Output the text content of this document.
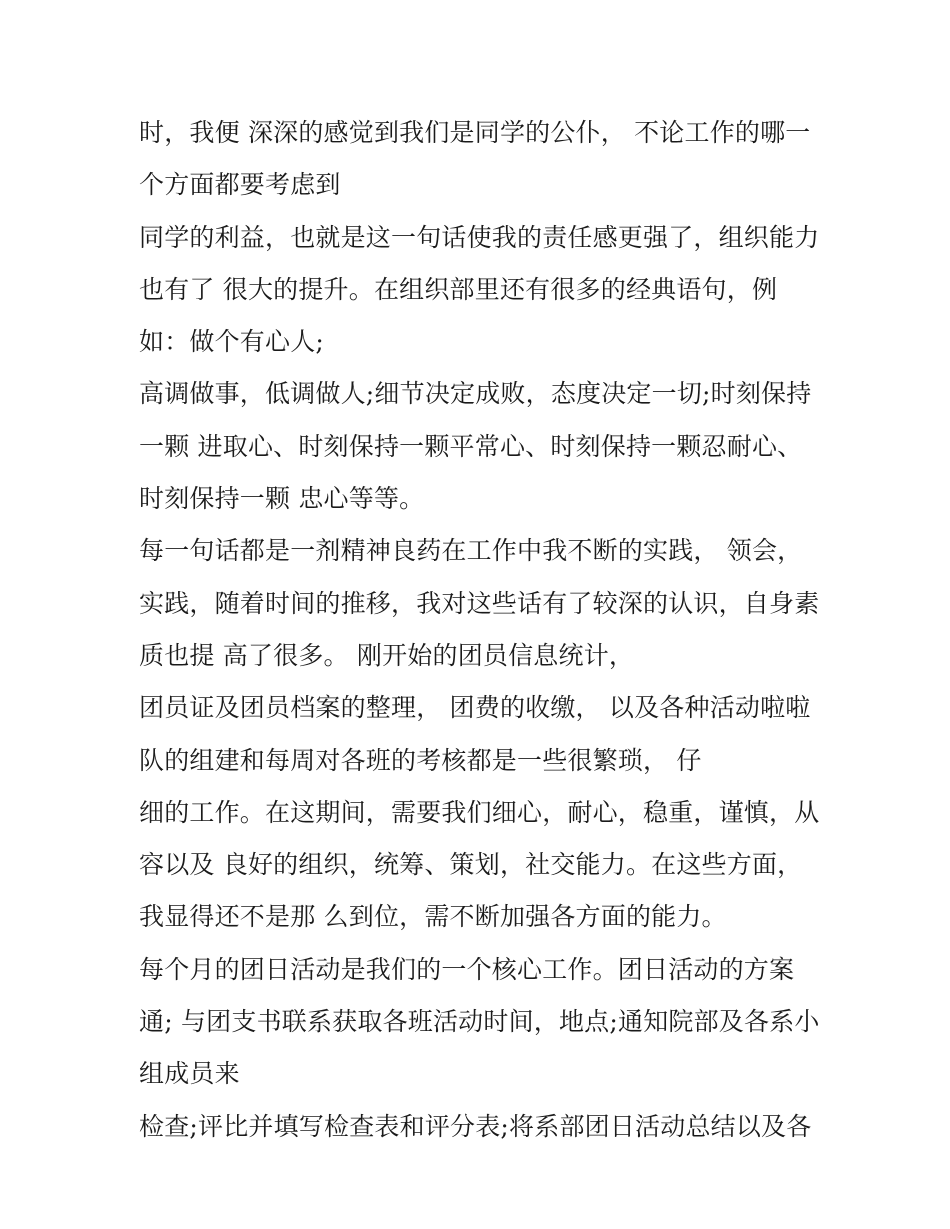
时，我便 深深的感觉到我们是同学的公仆， 不论工作的哪一
个方面都要考虑到
同学的利益，也就是这一句话使我的责任感更强了，组织能力
也有了 很大的提升。在组织部里还有很多的经典语句，例
如：做个有心人;
高调做事，低调做人;细节决定成败，态度决定一切;时刻保持
一颗 进取心、时刻保持一颗平常心、时刻保持一颗忍耐心、
时刻保持一颗 忠心等等。
每一句话都是一剂精神良药在工作中我不断的实践， 领会，
实践，随着时间的推移，我对这些话有了较深的认识，自身素
质也提 高了很多。 刚开始的团员信息统计，
团员证及团员档案的整理， 团费的收缴， 以及各种活动啦啦
队的组建和每周对各班的考核都是一些很繁琐， 仔
细的工作。在这期间，需要我们细心，耐心，稳重，谨慎，从
容以及 良好的组织，统筹、策划，社交能力。在这些方面，
我显得还不是那 么到位，需不断加强各方面的能力。
每个月的团日活动是我们的一个核心工作。团日活动的方案
通; 与团支书联系获取各班活动时间，地点;通知院部及各系小
组成员来
检查;评比并填写检查表和评分表;将系部团日活动总结以及各
